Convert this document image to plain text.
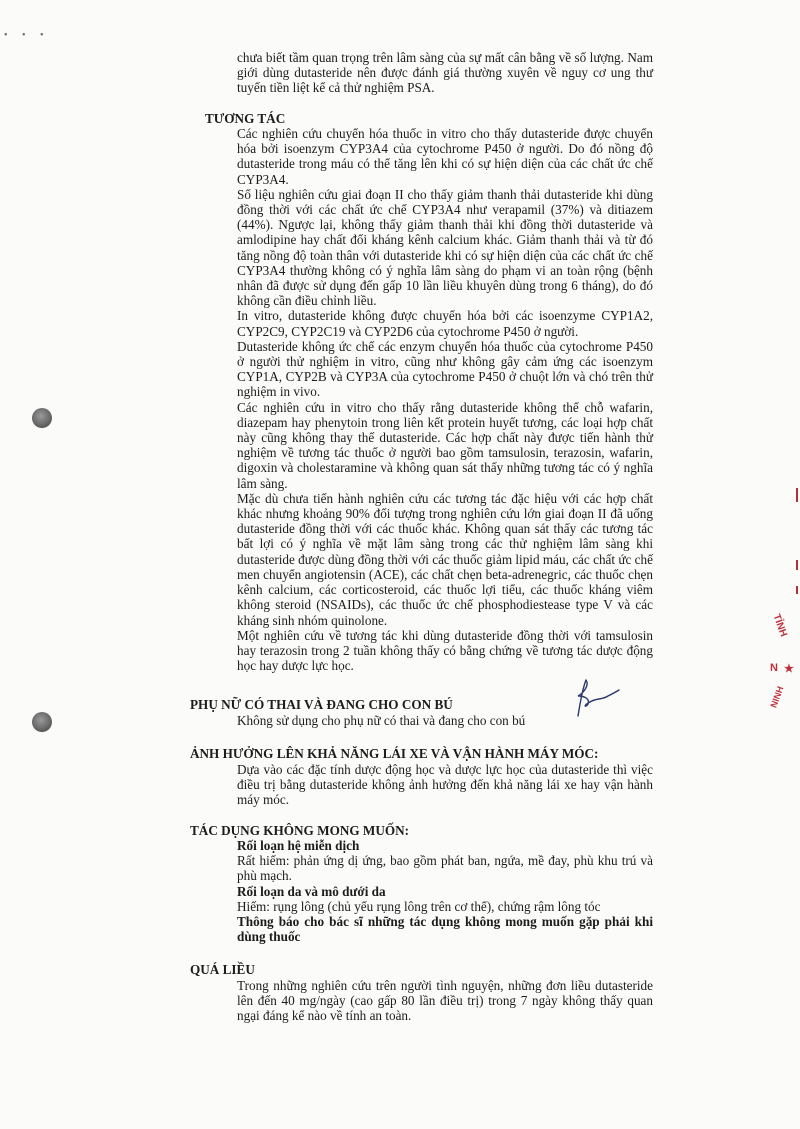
• • •
TỈNH
N ★
NINH

chưa biết tầm quan trọng trên lâm sàng của sự mất cân bằng về số lượng. Nam giới dùng dutasteride nên được đánh giá thường xuyên về nguy cơ ung thư tuyến tiền liệt kể cả thử nghiệm PSA.

TƯƠNG TÁC

Các nghiên cứu chuyển hóa thuốc in vitro cho thấy dutasteride được chuyển hóa bởi isoenzym CYP3A4 của cytochrome P450 ở người. Do đó nồng độ dutasteride trong máu có thể tăng lên khi có sự hiện diện của các chất ức chế CYP3A4.

Số liệu nghiên cứu giai đoạn II cho thấy giảm thanh thải dutasteride khi dùng đồng thời với các chất ức chế CYP3A4 như verapamil (37%) và ditiazem (44%). Ngược lại, không thấy giảm thanh thải khi đồng thời dutasteride và amlodipine hay chất đối kháng kênh calcium khác. Giảm thanh thải và từ đó tăng nồng độ toàn thân với dutasteride khi có sự hiện diện của các chất ức chế CYP3A4 thường không có ý nghĩa lâm sàng do phạm vi an toàn rộng (bệnh nhân đã được sử dụng đến gấp 10 lần liều khuyên dùng trong 6 tháng), do đó không cần điều chỉnh liều.

In vitro, dutasteride không được chuyển hóa bởi các isoenzyme CYP1A2, CYP2C9, CYP2C19 và CYP2D6 của cytochrome P450 ở người.

Dutasteride không ức chế các enzym chuyển hóa thuốc của cytochrome P450 ở người thử nghiệm in vitro, cũng như không gây cảm ứng các isoenzym CYP1A, CYP2B và CYP3A của cytochrome P450 ở chuột lớn và chó trên thử nghiệm in vivo.

Các nghiên cứu in vitro cho thấy rằng dutasteride không thể chỗ wafarin, diazepam hay phenytoin trong liên kết protein huyết tương, các loại hợp chất này cũng không thay thế dutasteride. Các hợp chất này được tiến hành thử nghiệm về tương tác thuốc ở người bao gồm tamsulosin, terazosin, wafarin, digoxin và cholestaramine và không quan sát thấy những tương tác có ý nghĩa lâm sàng.

Mặc dù chưa tiến hành nghiên cứu các tương tác đặc hiệu với các hợp chất khác nhưng khoảng 90% đối tượng trong nghiên cứu lớn giai đoạn II đã uống dutasteride đồng thời với các thuốc khác. Không quan sát thấy các tương tác bất lợi có ý nghĩa về mặt lâm sàng trong các thử nghiệm lâm sàng khi dutasteride được dùng đồng thời với các thuốc giảm lipid máu, các chất ức chế men chuyển angiotensin (ACE), các chất chẹn beta-adrenegric, các thuốc chẹn kênh calcium, các corticosteroid, các thuốc lợi tiểu, các thuốc kháng viêm không steroid (NSAIDs), các thuốc ức chế phosphodiestease type V và các kháng sinh nhóm quinolone.

Một nghiên cứu về tương tác khi dùng dutasteride đồng thời với tamsulosin hay terazosin trong 2 tuần không thấy có bằng chứng về tương tác dược động học hay dược lực học.

PHỤ NỮ CÓ THAI VÀ ĐANG CHO CON BÚ

Không sử dụng cho phụ nữ có thai và đang cho con bú

ẢNH HƯỞNG LÊN KHẢ NĂNG LÁI XE VÀ VẬN HÀNH MÁY MÓC:

Dựa vào các đặc tính dược động học và dược lực học của dutasteride thì việc điều trị bằng dutasteride không ảnh hưởng đến khả năng lái xe hay vận hành máy móc.

TÁC DỤNG KHÔNG MONG MUỐN:

Rối loạn hệ miễn dịch

Rất hiếm: phản ứng dị ứng, bao gồm phát ban, ngứa, mề đay, phù khu trú và phù mạch.

Rối loạn da và mô dưới da

Hiếm: rụng lông (chủ yếu rụng lông trên cơ thể), chứng rậm lông tóc

Thông báo cho bác sĩ những tác dụng không mong muốn gặp phải khi dùng thuốc

QUÁ LIỀU

Trong những nghiên cứu trên người tình nguyện, những đơn liều dutasteride lên đến 40 mg/ngày (cao gấp 80 lần điều trị) trong 7 ngày không thấy quan ngại đáng kể nào về tính an toàn.
